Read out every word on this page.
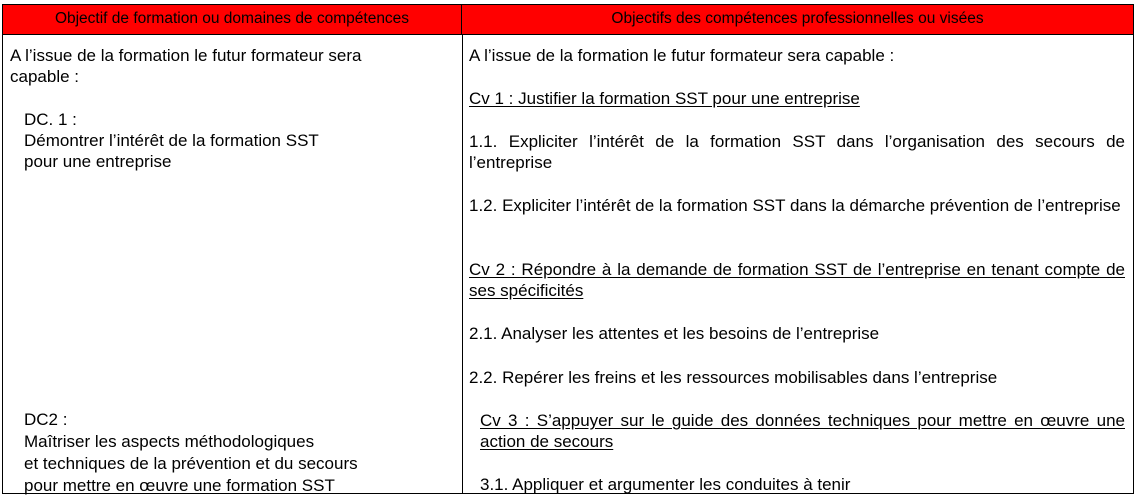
Objectif de formation ou domaines de compétences	Objectifs des compétences professionnelles ou visées
A l’issue de la formation le futur formateur sera
capable :
DC. 1 :
Démontrer l’intérêt de la formation SST
pour une entreprise
DC2 :
Maîtriser les aspects méthodologiques
et techniques de la prévention et du secours
pour mettre en œuvre une formation SST
A l’issue de la formation le futur formateur sera capable :
Cv 1 : Justifier la formation SST pour une entreprise
1.1. Expliciter l’intérêt de la formation SST dans l’organisation des secours de l’entreprise
1.2. Expliciter l’intérêt de la formation SST dans la démarche prévention de l’entreprise
Cv 2 : Répondre à la demande de formation SST de l’entreprise en tenant compte de ses spécificités
2.1. Analyser les attentes et les besoins de l’entreprise
2.2. Repérer les freins et les ressources mobilisables dans l’entreprise
Cv 3 : S’appuyer sur le guide des données techniques pour mettre en œuvre une action de secours
3.1. Appliquer et argumenter les conduites à tenir
